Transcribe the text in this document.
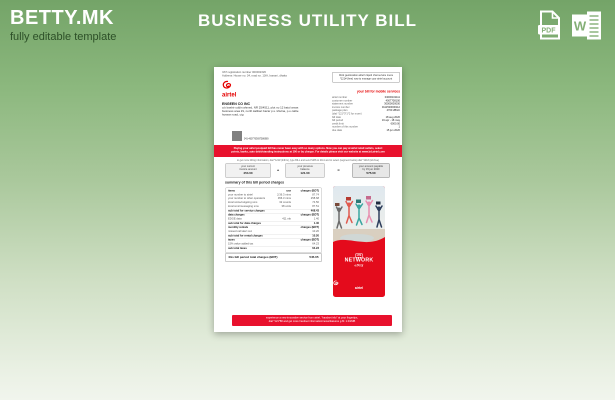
BETTY.MK
fully editable template
BUSINESS UTILITY BILL
PDF W
VAT registration number 000002326
Address: House no. 34, road no. 13/A, banani, dhaka
airtel
ENGEEN CO INC
c/o bashir uddin ahmed, NR 25/4511, plot no 12 batul amas
business area #1, north kalibari bazar p.s. khulna, p.o cable
hossan road, ctg
041-4607763697586969
Click geolocation airtel's liquid chat service menu
*121# (free) now to manage your airtel account
your bill for mobile services
airtel number	04000101111
customer number	4007708100
statement number	30000000000
invoice number	0111530000112
package plan	4700 2BGK
(dial *121*3*1*2 for more)
bill date	18 aug 2020
bill period	19 apr - 18 may
credit limit	6000.00
number of this number	1
due date	15 jun 2020
Paying your airtel postpaid bill has never been easy with so many options. Now you can pay at airtel retail outlets, select
points, banks, auto debit/standing instructions at 100 or by cheque. For details please visit our website at www.bd.airtel.com
to get more billing information, dial *121# (24hrs), type BILL and send SMS to 2111 and to select (segment below) dial *121# (toll-free)
your current
invoice amount
454.00
+
your previous
balance
121.00
=
your amount payable
by 15 jun 2020
575.00
summary of this bill period charges
items	use	charges (BDT)
your number to airtel	2:36.3 mins	87.74
your number to other operators	456.3 mins	258.68
local voice/outgoing sms	32 counts	74.50
local sms/messaging sms	38 units	87.51
sub total for service charges	468.43
data charges	charges (BDT)
EDGE data	411 mb	1.40
sub total for data charges	1.40
monthly rentals	charges (BDT)
missed call alert svc	10.20
sub total for rental charges	10.20
taxes	charges (BDT)
15% value added tax	64.23
sub total taxes	64.23
this bill period total charges (BDT)	545.05
LTE
NETWORK
এগিয়ে
airtel
experience a new innovative service from airtel, "handset info" at your fingertips,
dial *121*8# and get more handset information/news/features g.fb: 1.0/2MB
